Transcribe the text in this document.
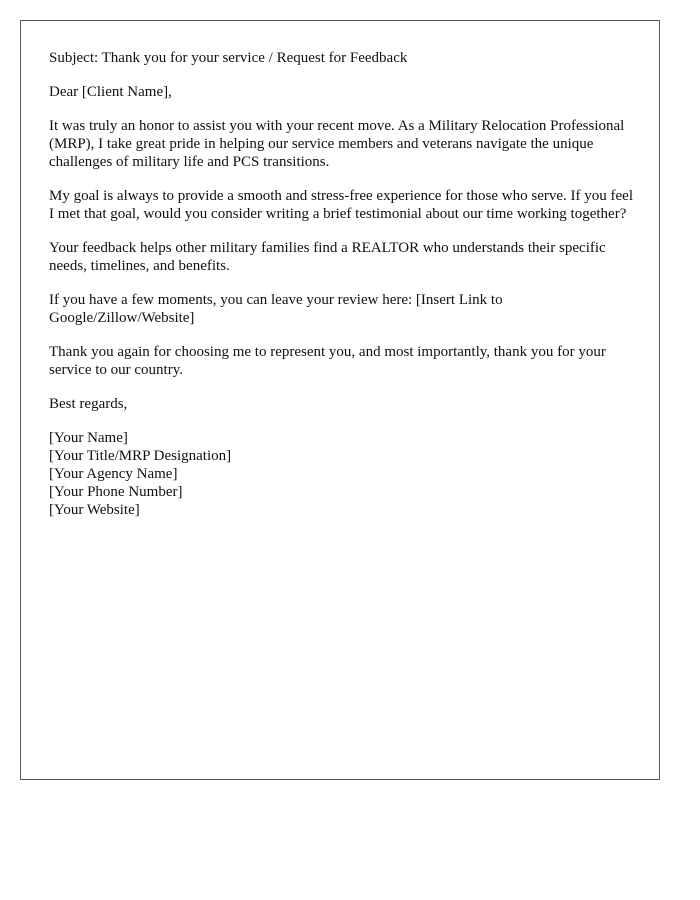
Subject: Thank you for your service / Request for Feedback

Dear [Client Name],

It was truly an honor to assist you with your recent move. As a Military Relocation Professional (MRP), I take great pride in helping our service members and veterans navigate the unique challenges of military life and PCS transitions.

My goal is always to provide a smooth and stress-free experience for those who serve. If you feel I met that goal, would you consider writing a brief testimonial about our time working together?

Your feedback helps other military families find a REALTOR who understands their specific needs, timelines, and benefits.

If you have a few moments, you can leave your review here: [Insert Link to Google/Zillow/Website]

Thank you again for choosing me to represent you, and most importantly, thank you for your service to our country.

Best regards,

[Your Name]
[Your Title/MRP Designation]
[Your Agency Name]
[Your Phone Number]
[Your Website]
